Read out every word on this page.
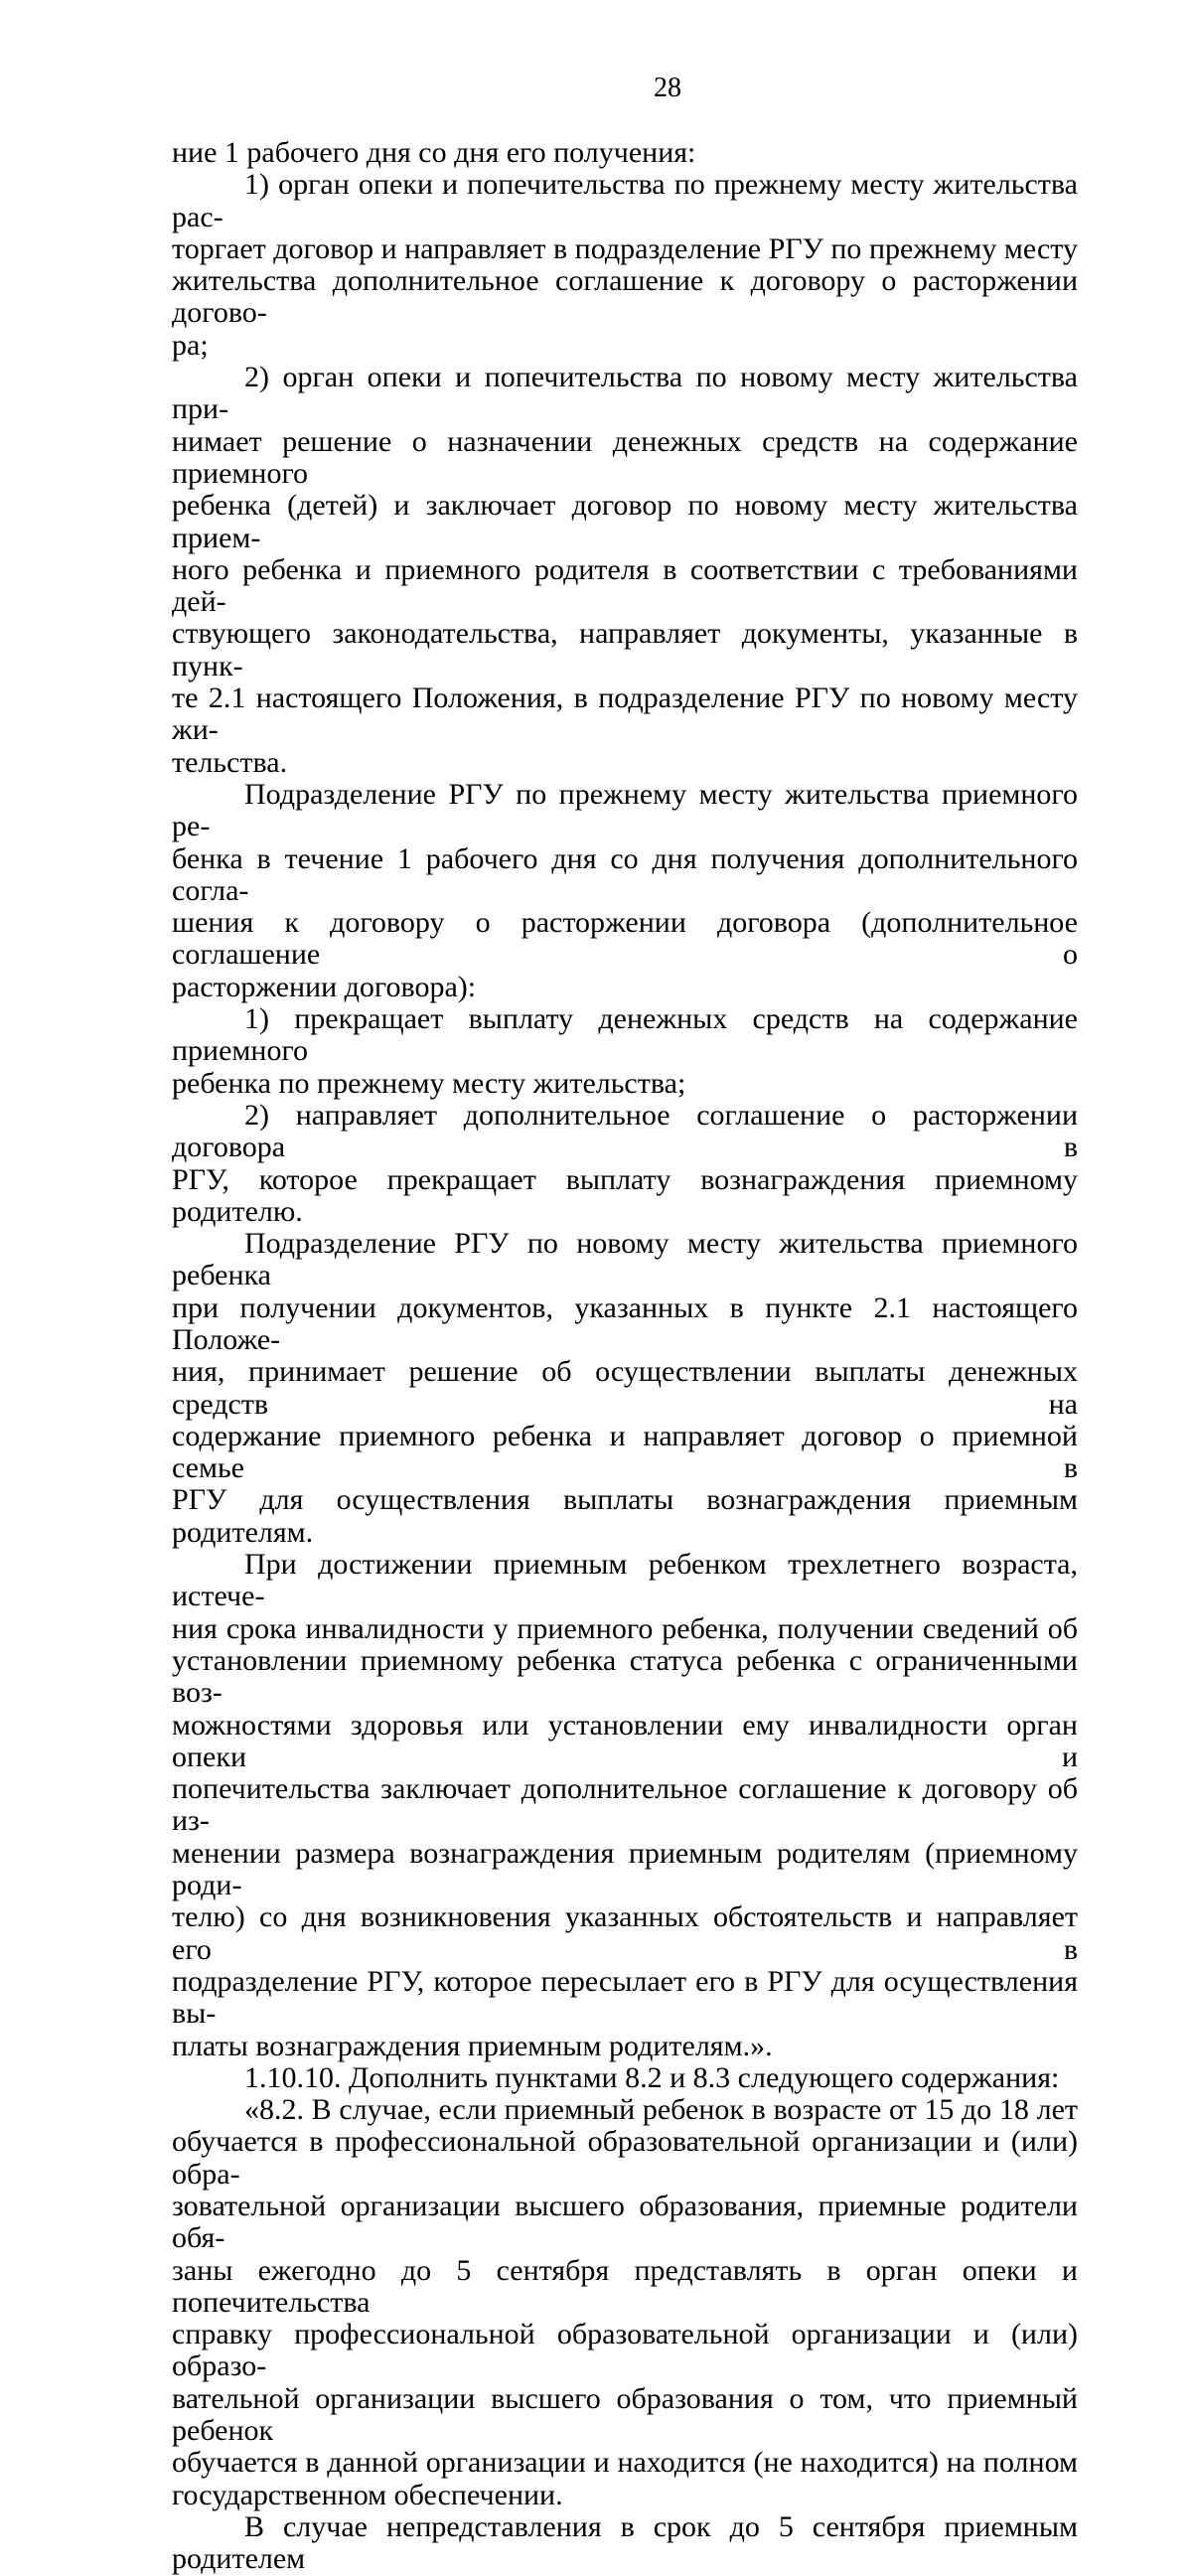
28

ние 1 рабочего дня со дня его получения:

1) орган опеки и попечительства по прежнему месту жительства рас-

торгает договор и направляет в подразделение РГУ по прежнему месту

жительства дополнительное соглашение к договору о расторжении догово-

ра;

2) орган опеки и попечительства по новому месту жительства при-

нимает решение о назначении денежных средств на содержание приемного

ребенка (детей) и заключает договор по новому месту жительства прием-

ного ребенка и приемного родителя в соответствии с требованиями дей-

ствующего законодательства, направляет документы, указанные в пунк-

те 2.1 настоящего Положения, в подразделение РГУ по новому месту жи-

тельства.

Подразделение РГУ по прежнему месту жительства приемного ре-

бенка в течение 1 рабочего дня со дня получения дополнительного согла-

шения к договору о расторжении договора (дополнительное соглашение о

расторжении договора):

1) прекращает выплату денежных средств на содержание приемного

ребенка по прежнему месту жительства;

2) направляет дополнительное соглашение о расторжении договора в

РГУ, которое прекращает выплату вознаграждения приемному родителю.

Подразделение РГУ по новому месту жительства приемного ребенка

при получении документов, указанных в пункте 2.1 настоящего Положе-

ния, принимает решение об осуществлении выплаты денежных средств на

содержание приемного ребенка и направляет договор о приемной семье в

РГУ для осуществления выплаты вознаграждения приемным родителям.

При достижении приемным ребенком трехлетнего возраста, истече-

ния срока инвалидности у приемного ребенка, получении сведений об

установлении приемному ребенка статуса ребенка с ограниченными воз-

можностями здоровья или установлении ему инвалидности орган опеки и

попечительства заключает дополнительное соглашение к договору об из-

менении размера вознаграждения приемным родителям (приемному роди-

телю) со дня возникновения указанных обстоятельств и направляет его в

подразделение РГУ, которое пересылает его в РГУ для осуществления вы-

платы вознаграждения приемным родителям.».

1.10.10. Дополнить пунктами 8.2 и 8.3 следующего содержания:

«8.2. В случае, если приемный ребенок в возрасте от 15 до 18 лет

обучается в профессиональной образовательной организации и (или) обра-

зовательной организации высшего образования, приемные родители обя-

заны ежегодно до 5 сентября представлять в орган опеки и попечительства

справку профессиональной образовательной организации и (или) образо-

вательной организации высшего образования о том, что приемный ребенок

обучается в данной организации и находится (не находится) на полном

государственном обеспечении.

В случае непредставления в срок до 5 сентября приемным родителем
